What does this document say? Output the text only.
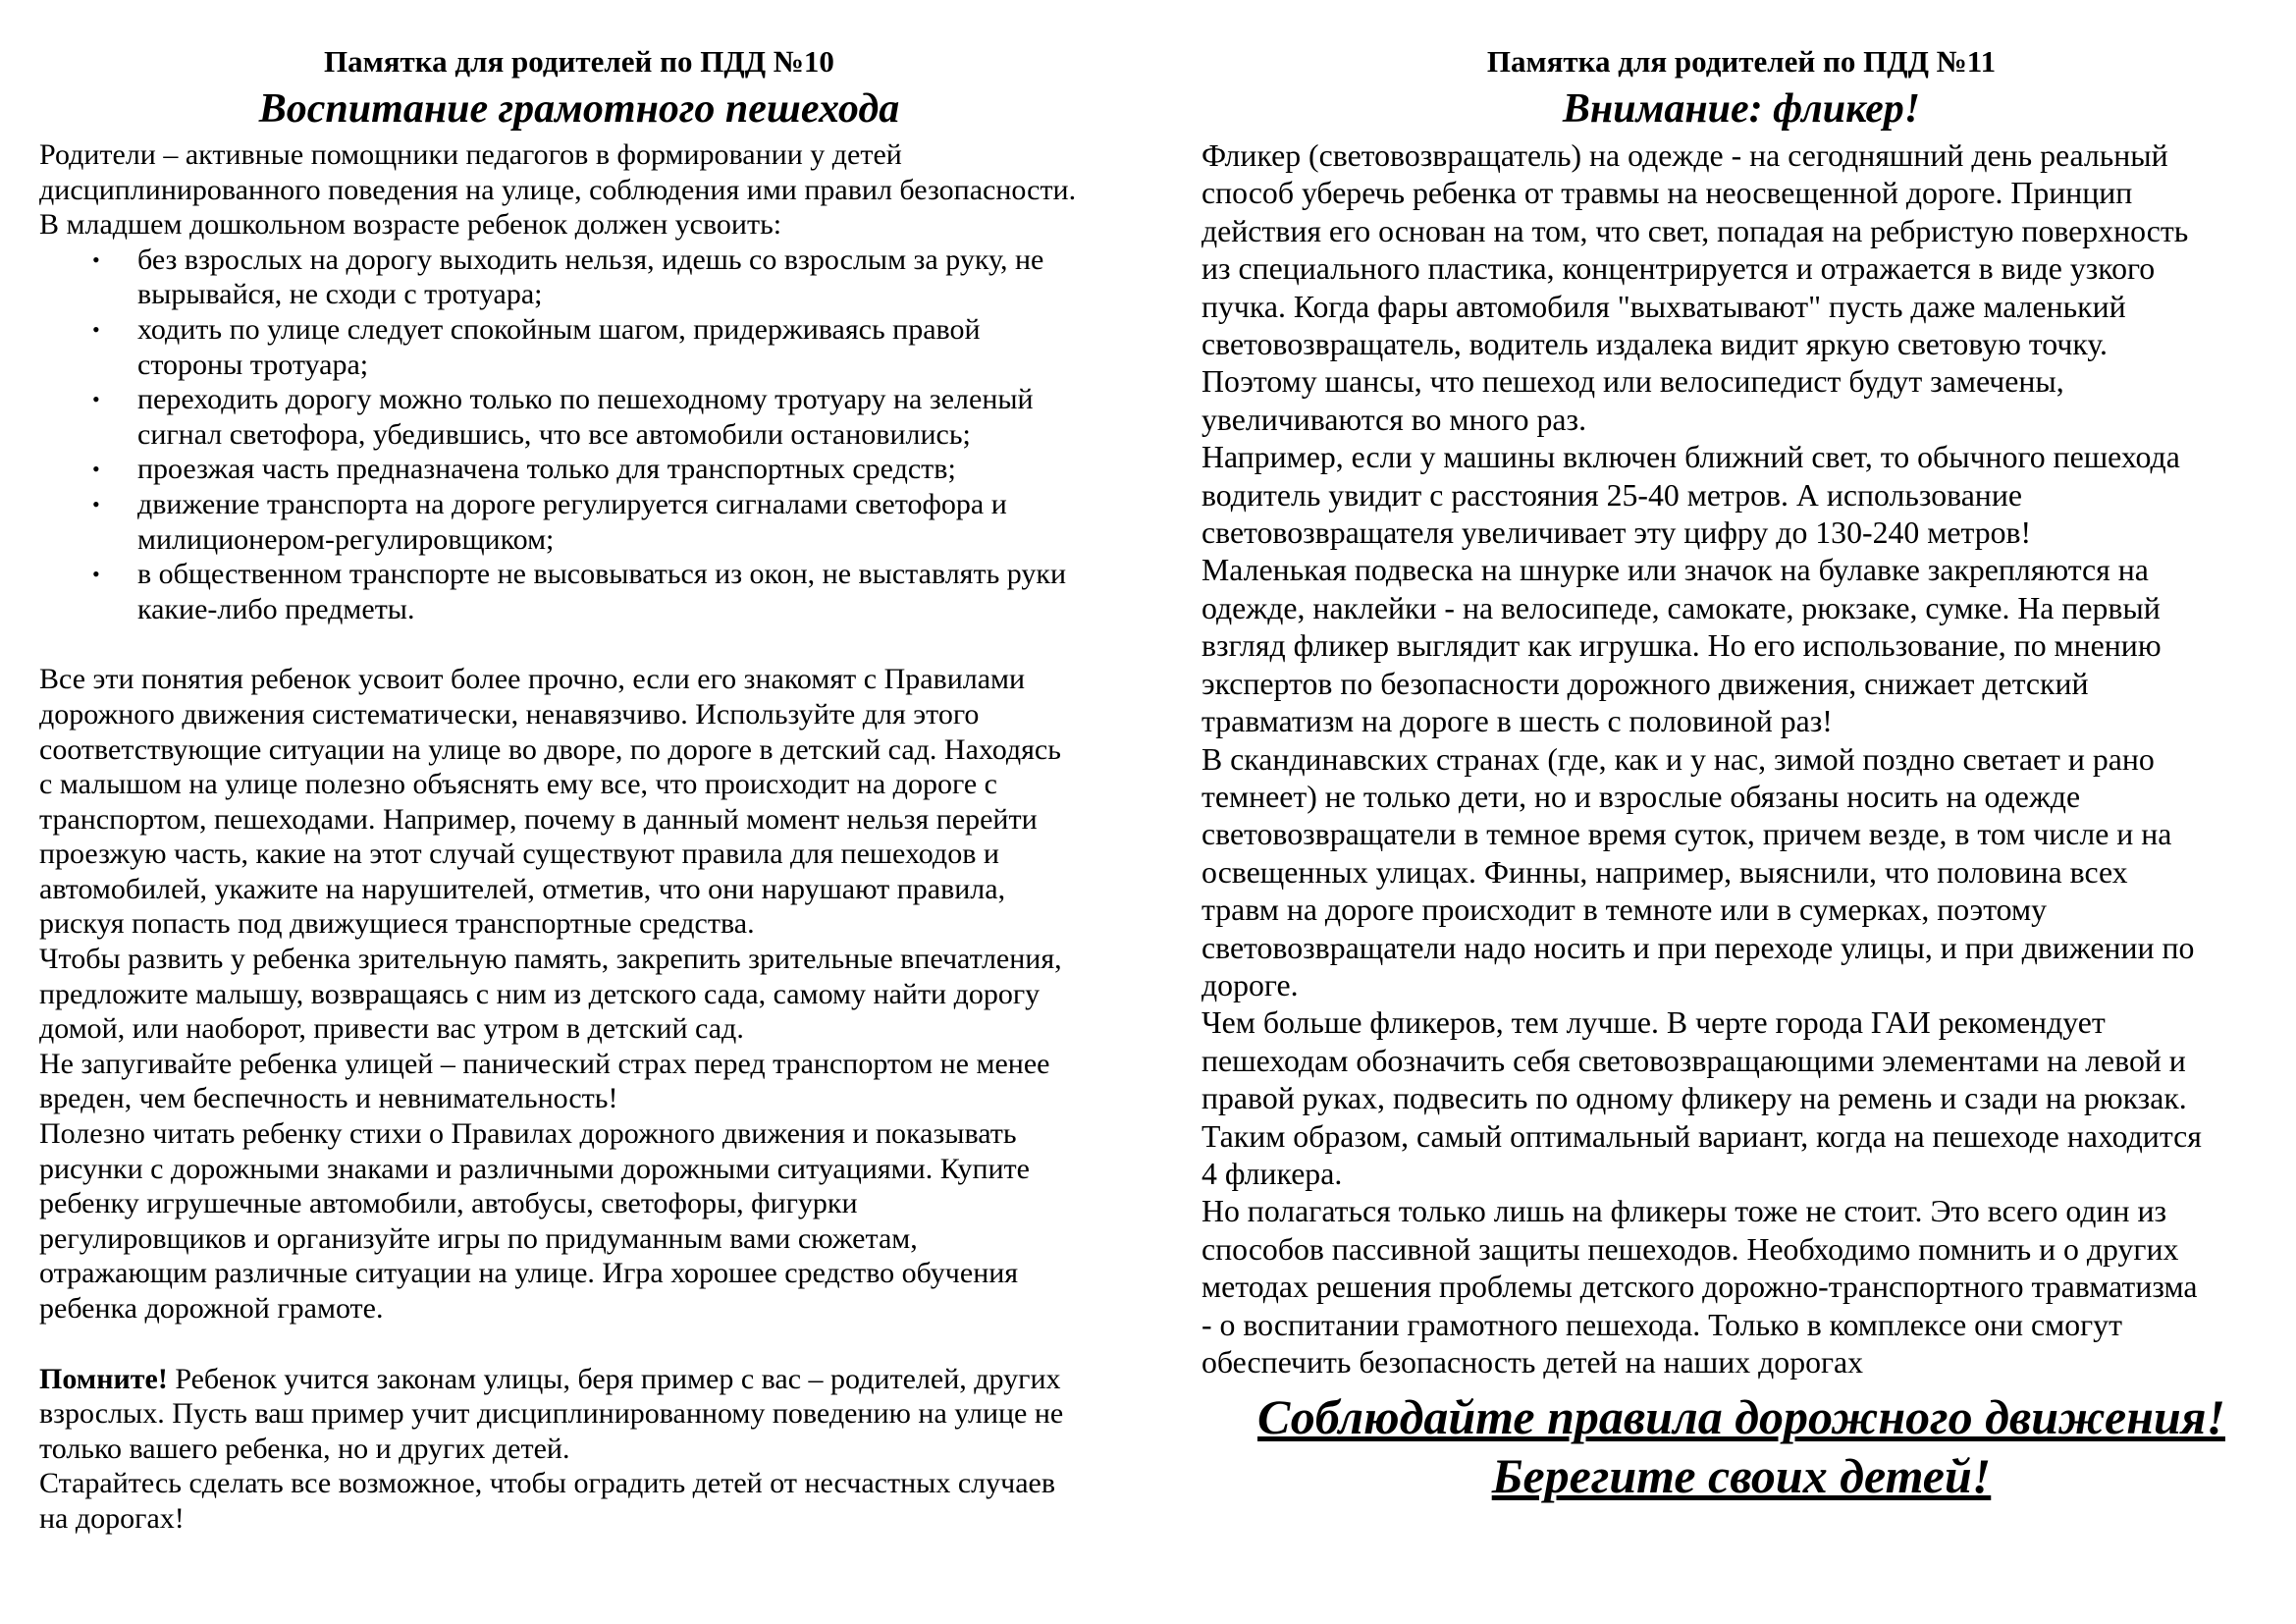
Памятка для родителей по ПДД №10
Воспитание грамотного пешехода

Родители – активные помощники педагогов в формировании у детей

дисциплинированного поведения на улице, соблюдения ими правил безопасности.

В младшем дошкольном возрасте ребенок должен усвоить:

• без взрослых на дорогу выходить нельзя, идешь со взрослым за руку, не
вырывайся, не сходи с тротуара;
• ходить по улице следует спокойным шагом, придерживаясь правой
стороны тротуара;
• переходить дорогу можно только по пешеходному тротуару на зеленый
сигнал светофора, убедившись, что все автомобили остановились;
• проезжая часть предназначена только для транспортных средств;
• движение транспорта на дороге регулируется сигналами светофора и
милиционером-регулировщиком;
• в общественном транспорте не высовываться из окон, не выставлять руки
какие-либо предметы.

Все эти понятия ребенок усвоит более прочно, если его знакомят с Правилами

дорожного движения систематически, ненавязчиво. Используйте для этого

соответствующие ситуации на улице во дворе, по дороге в детский сад. Находясь

с малышом на улице полезно объяснять ему все, что происходит на дороге с

транспортом, пешеходами. Например, почему в данный момент нельзя перейти

проезжую часть, какие на этот случай существуют правила для пешеходов и

автомобилей, укажите на нарушителей, отметив, что они нарушают правила,

рискуя попасть под движущиеся транспортные средства.

Чтобы развить у ребенка зрительную память, закрепить зрительные впечатления,

предложите малышу, возвращаясь с ним из детского сада, самому найти дорогу

домой, или наоборот, привести вас утром в детский сад.

Не запугивайте ребенка улицей – панический страх перед транспортом не менее

вреден, чем беспечность и невнимательность!

Полезно читать ребенку стихи о Правилах дорожного движения и показывать

рисунки с дорожными знаками и различными дорожными ситуациями. Купите

ребенку игрушечные автомобили, автобусы, светофоры, фигурки

регулировщиков и организуйте игры по придуманным вами сюжетам,

отражающим различные ситуации на улице. Игра хорошее средство обучения

ребенка дорожной грамоте.

Помните! Ребенок учится законам улицы, беря пример с вас – родителей, других

взрослых. Пусть ваш пример учит дисциплинированному поведению на улице не

только вашего ребенка, но и других детей.

Старайтесь сделать все возможное, чтобы оградить детей от несчастных случаев

на дорогах!

Памятка для родителей по ПДД №11
Внимание: фликер!

Фликер (световозвращатель) на одежде - на сегодняшний день реальный

способ уберечь ребенка от травмы на неосвещенной дороге. Принцип

действия его основан на том, что свет, попадая на ребристую поверхность

из специального пластика, концентрируется и отражается в виде узкого

пучка. Когда фары автомобиля "выхватывают" пусть даже маленький

световозвращатель, водитель издалека видит яркую световую точку.

Поэтому шансы, что пешеход или велосипедист будут замечены,

увеличиваются во много раз.

Например, если у машины включен ближний свет, то обычного пешехода

водитель увидит с расстояния 25-40 метров. А использование

световозвращателя увеличивает эту цифру до 130-240 метров!

Маленькая подвеска на шнурке или значок на булавке закрепляются на

одежде, наклейки - на велосипеде, самокате, рюкзаке, сумке. На первый

взгляд фликер выглядит как игрушка. Но его использование, по мнению

экспертов по безопасности дорожного движения, снижает детский

травматизм на дороге в шесть с половиной раз!

В скандинавских странах (где, как и у нас, зимой поздно светает и рано

темнеет) не только дети, но и взрослые обязаны носить на одежде

световозвращатели в темное время суток, причем везде, в том числе и на

освещенных улицах. Финны, например, выяснили, что половина всех

травм на дороге происходит в темноте или в сумерках, поэтому

световозвращатели надо носить и при переходе улицы, и при движении по

дороге.

Чем больше фликеров, тем лучше. В черте города ГАИ рекомендует

пешеходам обозначить себя световозвращающими элементами на левой и

правой руках, подвесить по одному фликеру на ремень и сзади на рюкзак.

Таким образом, самый оптимальный вариант, когда на пешеходе находится

4 фликера.

Но полагаться только лишь на фликеры тоже не стоит. Это всего один из

способов пассивной защиты пешеходов. Необходимо помнить и о других

методах решения проблемы детского дорожно-транспортного травматизма

- о воспитании грамотного пешехода. Только в комплексе они смогут

обеспечить безопасность детей на наших дорогах

Соблюдайте правила дорожного движения!

Берегите своих детей!
